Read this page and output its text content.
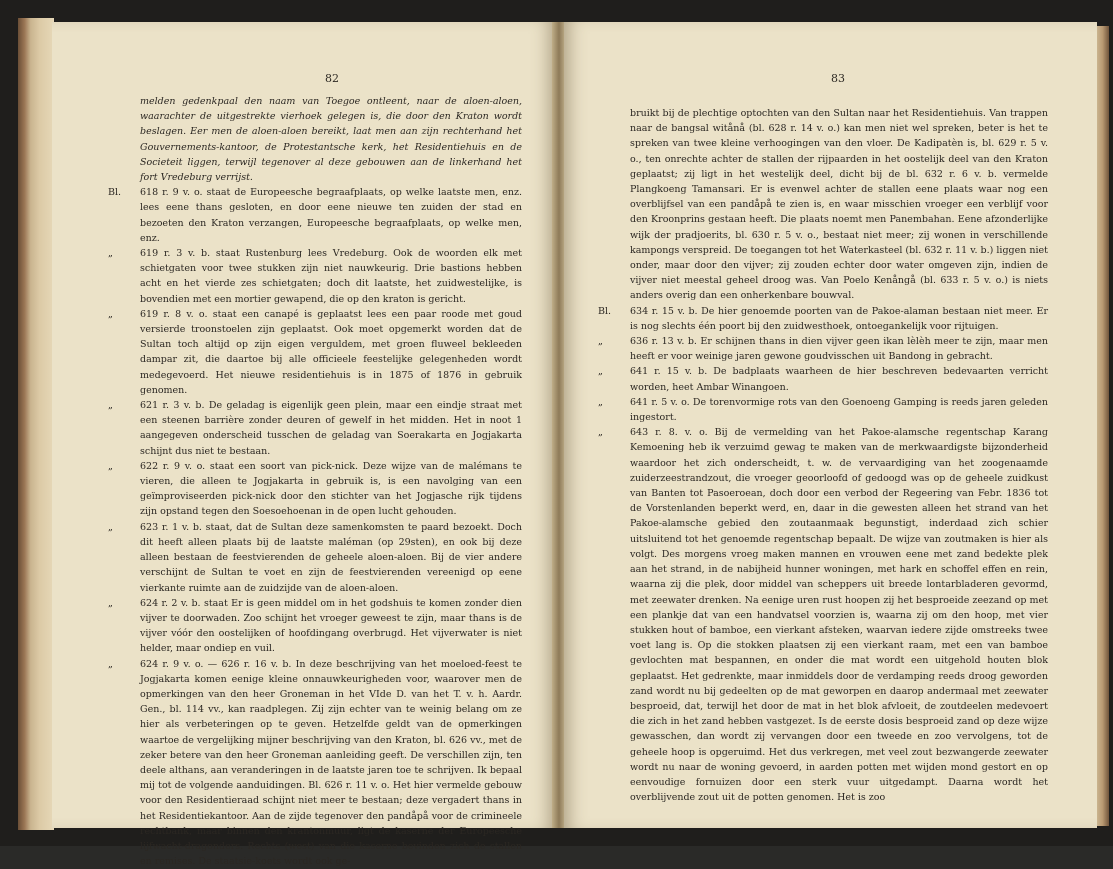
82

melden gedenkpaal den naam van Toegoe ontleent, naar de aloen-aloen, waarachter de uitgestrekte vierhoek gelegen is, die door den Kraton wordt beslagen. Eer men de aloen-aloen bereikt, laat men aan zijn rechterhand het Gouvernements-kantoor, de Protestantsche kerk, het Residentiehuis en de Societeit liggen, terwijl tegenover al deze gebouwen aan de linkerhand het fort Vredeburg verrijst.

Bl.	618 r. 9 v. o. staat de Europeesche begraafplaats, op welke laatste men, enz. lees eene thans gesloten, en door eene nieuwe ten zuiden der stad en bezoeten den Kraton verzangen, Europeesche begraafplaats, op welke men, enz.

„	619 r. 3 v. b. staat Rustenburg lees Vredeburg. Ook de woorden elk met schietgaten voor twee stukken zijn niet nauwkeurig. Drie bastions hebben acht en het vierde zes schietgaten; doch dit laatste, het zuidwestelijke, is bovendien met een mortier gewapend, die op den kraton is gericht.

„	619 r. 8 v. o. staat een canapé is geplaatst lees een paar roode met goud versierde troonstoelen zijn geplaatst. Ook moet opgemerkt worden dat de Sultan toch altijd op zijn eigen verguldem, met groen fluweel bekleeden dampar zit, die daartoe bij alle officieele feestelijke gelegenheden wordt medegevoerd. Het nieuwe residentiehuis is in 1875 of 1876 in gebruik genomen.

„	621 r. 3 v. b. De geladag is eigenlijk geen plein, maar een eindje straat met een steenen barrière zonder deuren of gewelf in het midden. Het in noot 1 aangegeven onderscheid tusschen de geladag van Soerakarta en Jogjakarta schijnt dus niet te bestaan.

„	622 r. 9 v. o. staat een soort van pick-nick. Deze wijze van de malémans te vieren, die alleen te Jogjakarta in gebruik is, is een navolging van een geïmproviseerden pick-nick door den stichter van het Jogjasche rijk tijdens zijn opstand tegen den Soesoehoenan in de open lucht gehouden.

„	623 r. 1 v. b. staat, dat de Sultan deze samenkomsten te paard bezoekt. Doch dit heeft alleen plaats bij de laatste maléman (op 29sten), en ook bij deze alleen bestaan de feestvierenden de geheele aloen-aloen. Bij de vier andere verschijnt de Sultan te voet en zijn de feestvierenden vereenigd op eene vierkante ruimte aan de zuidzijde van de aloen-aloen.

„	624 r. 2 v. b. staat Er is geen middel om in het godshuis te komen zonder dien vijver te doorwaden. Zoo schijnt het vroeger geweest te zijn, maar thans is de vijver vóór den oostelijken of hoofdingang overbrugd. Het vijverwater is niet helder, maar ondiep en vuil.

„	624 r. 9 v. o. — 626 r. 16 v. b. In deze beschrijving van het moeloed-feest te Jogjakarta komen eenige kleine onnauwkeurigheden voor, waarover men de opmerkingen van den heer Groneman in het VIde D. van het T. v. h. Aardr. Gen., bl. 114 vv., kan raadplegen. Zij zijn echter van te weinig belang om ze hier als verbeteringen op te geven. Hetzelfde geldt van de opmerkingen waartoe de vergelijking mijner beschrijving van den Kraton, bl. 626 vv., met de zeker betere van den heer Groneman aanleiding geeft. De verschillen zijn, ten deele althans, aan veranderingen in de laatste jaren toe te schrijven. Ik bepaal mij tot de volgende aanduidingen. Bl. 626 r. 11 v. o. Het hier vermelde gebouw voor den Residentieraad schijnt niet meer te bestaan; deze vergadert thans in het Residentiekantoor. Aan de zijde tegenover den pandåpå voor de crimineele rechtbank, maar binnen den krantonmuur, ligt de kaserne der Europeesche lijfwacht-dragonders. Rechts (west) van die kaserne bevinden zich de stallen en remises. De staatsie-koets wordt ook ge-

83

bruikt bij de plechtige optochten van den Sultan naar het Residentiehuis. Van trappen naar de bangsal witånå (bl. 628 r. 14 v. o.) kan men niet wel spreken, beter is het te spreken van twee kleine verhoogingen van den vloer. De Kadipatèn is, bl. 629 r. 5 v. o., ten onrechte achter de stallen der rijpaarden in het oostelijk deel van den Kraton geplaatst; zij ligt in het westelijk deel, dicht bij de bl. 632 r. 6 v. b. vermelde Plangkoeng Tamansari. Er is evenwel achter de stallen eene plaats waar nog een overblijfsel van een pandåpå te zien is, en waar misschien vroeger een verblijf voor den Kroonprins gestaan heeft. Die plaats noemt men Panembahan. Eene afzonderlijke wijk der pradjoerits, bl. 630 r. 5 v. o., bestaat niet meer; zij wonen in verschillende kampongs verspreid. De toegangen tot het Waterkasteel (bl. 632 r. 11 v. b.) liggen niet onder, maar door den vijver; zij zouden echter door water omgeven zijn, indien de vijver niet meestal geheel droog was. Van Poelo Kenångå (bl. 633 r. 5 v. o.) is niets anders overig dan een onherkenbare bouwval.

Bl.	634 r. 15 v. b. De hier genoemde poorten van de Pakoe-alaman bestaan niet meer. Er is nog slechts één poort bij den zuidwesthoek, ontoegankelijk voor rijtuigen.

„	636 r. 13 v. b. Er schijnen thans in dien vijver geen ikan lèlèh meer te zijn, maar men heeft er voor weinige jaren gewone goudvisschen uit Bandong in gebracht.

„	641 r. 15 v. b. De badplaats waarheen de hier beschreven bedevaarten verricht worden, heet Ambar Winangoen.

„	641 r. 5 v. o. De torenvormige rots van den Goenoeng Gamping is reeds jaren geleden ingestort.

„	643 r. 8. v. o. Bij de vermelding van het Pakoe-alamsche regentschap Karang Kemoening heb ik verzuimd gewag te maken van de merkwaardigste bijzonderheid waardoor het zich onderscheidt, t. w. de vervaardiging van het zoogenaamde zuiderzeestrandzout, die vroeger geoorloofd of gedoogd was op de geheele zuidkust van Banten tot Pasoeroean, doch door een verbod der Regeering van Febr. 1836 tot de Vorstenlanden beperkt werd, en, daar in die gewesten alleen het strand van het Pakoe-alamsche gebied den zoutaanmaak begunstigt, inderdaad zich schier uitsluitend tot het genoemde regentschap bepaalt. De wijze van zoutmaken is hier als volgt. Des morgens vroeg maken mannen en vrouwen eene met zand bedekte plek aan het strand, in de nabijheid hunner woningen, met hark en schoffel effen en rein, waarna zij die plek, door middel van scheppers uit breede lontarbladeren gevormd, met zeewater drenken. Na eenige uren rust hoopen zij het besproeide zeezand op met een plankje dat van een handvatsel voorzien is, waarna zij om den hoop, met vier stukken hout of bamboe, een vierkant afsteken, waarvan iedere zijde omstreeks twee voet lang is. Op die stokken plaatsen zij een vierkant raam, met een van bamboe gevlochten mat bespannen, en onder die mat wordt een uitgehold houten blok geplaatst. Het gedrenkte, maar inmiddels door de verdamping reeds droog geworden zand wordt nu bij gedeelten op de mat geworpen en daarop andermaal met zeewater besproeid, dat, terwijl het door de mat in het blok afvloeit, de zoutdeelen medevoert die zich in het zand hebben vastgezet. Is de eerste dosis besproeid zand op deze wijze gewasschen, dan wordt zij vervangen door een tweede en zoo vervolgens, tot de geheele hoop is opgeruimd. Het dus verkregen, met veel zout bezwangerde zeewater wordt nu naar de woning gevoerd, in aarden potten met wijden mond gestort en op eenvoudige fornuizen door een sterk vuur uitgedampt. Daarna wordt het overblijvende zout uit de potten genomen. Het is zoo
